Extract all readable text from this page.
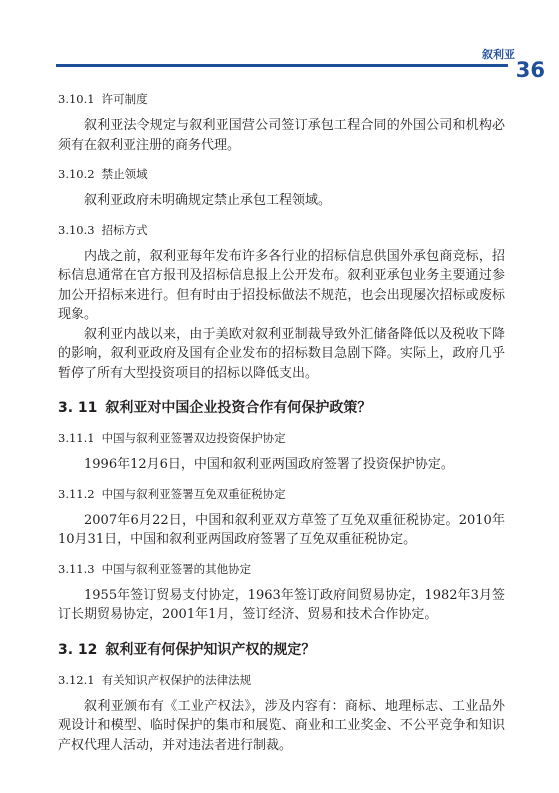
叙利亚
36
3.10.1 许可制度
叙利亚法令规定与叙利亚国营公司签订承包工程合同的外国公司和机构必须有在叙利亚注册的商务代理。
3.10.2 禁止领域
叙利亚政府未明确规定禁止承包工程领域。
3.10.3 招标方式
内战之前，叙利亚每年发布许多各行业的招标信息供国外承包商竞标，招标信息通常在官方报刊及招标信息报上公开发布。叙利亚承包业务主要通过参加公开招标来进行。但有时由于招投标做法不规范，也会出现屡次招标或废标现象。
叙利亚内战以来，由于美欧对叙利亚制裁导致外汇储备降低以及税收下降的影响，叙利亚政府及国有企业发布的招标数目急剧下降。实际上，政府几乎暂停了所有大型投资项目的招标以降低支出。
3. 11 叙利亚对中国企业投资合作有何保护政策？
3.11.1 中国与叙利亚签署双边投资保护协定
1996年12月6日，中国和叙利亚两国政府签署了投资保护协定。
3.11.2 中国与叙利亚签署互免双重征税协定
2007年6月22日，中国和叙利亚双方草签了互免双重征税协定。2010年10月31日，中国和叙利亚两国政府签署了互免双重征税协定。
3.11.3 中国与叙利亚签署的其他协定
1955年签订贸易支付协定，1963年签订政府间贸易协定，1982年3月签订长期贸易协定，2001年1月，签订经济、贸易和技术合作协定。
3. 12 叙利亚有何保护知识产权的规定？
3.12.1 有关知识产权保护的法律法规
叙利亚颁布有《工业产权法》，涉及内容有：商标、地理标志、工业品外观设计和模型、临时保护的集市和展览、商业和工业奖金、不公平竞争和知识产权代理人活动，并对违法者进行制裁。
